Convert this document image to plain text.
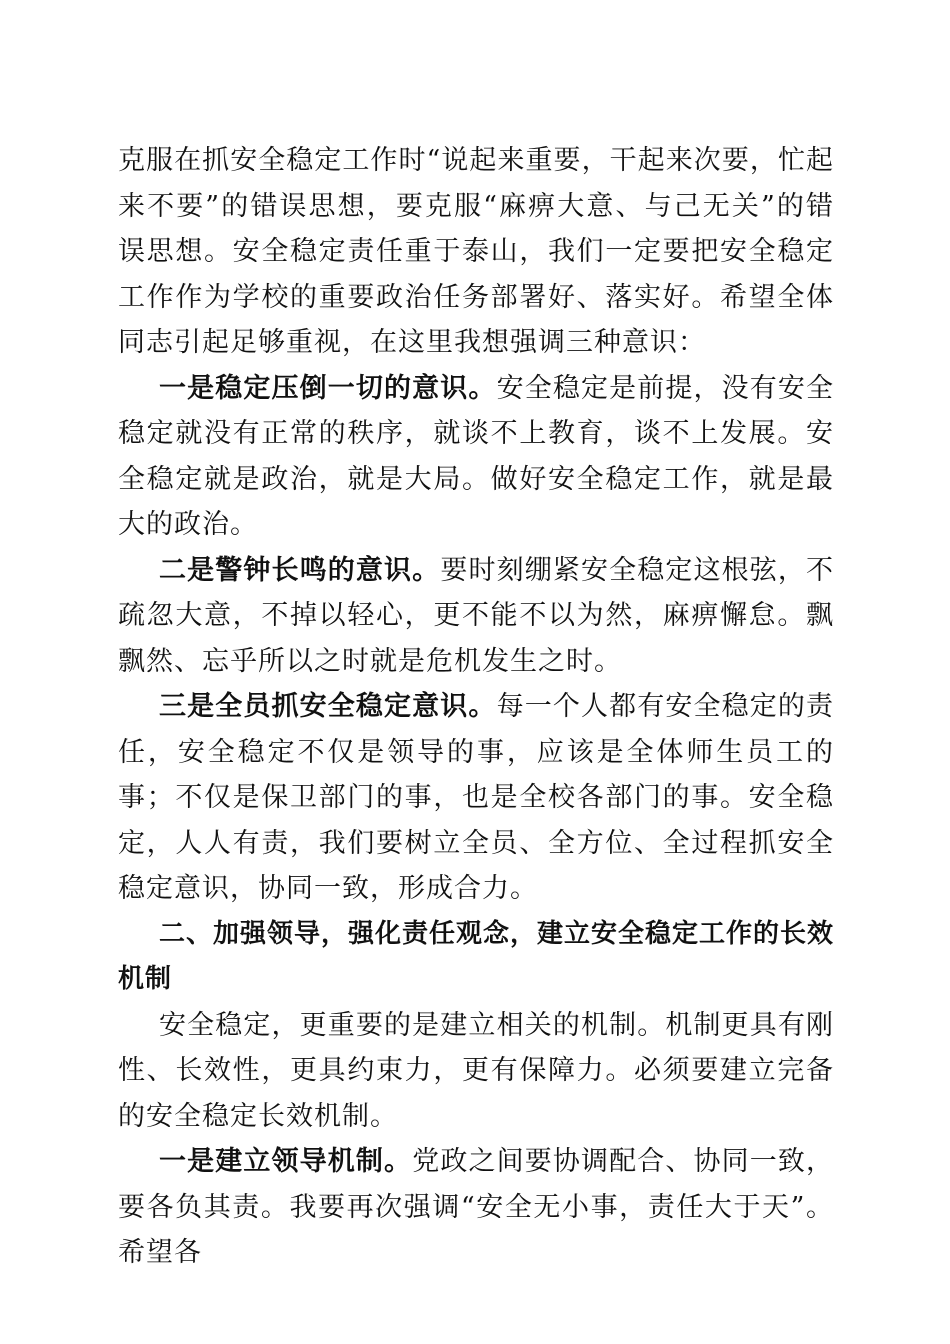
克服在抓安全稳定工作时“说起来重要，干起来次要，忙起来不要”的错误思想，要克服“麻痹大意、与己无关”的错误思想。安全稳定责任重于泰山，我们一定要把安全稳定工作作为学校的重要政治任务部署好、落实好。希望全体同志引起足够重视，在这里我想强调三种意识：

一是稳定压倒一切的意识。安全稳定是前提，没有安全稳定就没有正常的秩序，就谈不上教育，谈不上发展。安全稳定就是政治，就是大局。做好安全稳定工作，就是最大的政治。

二是警钟长鸣的意识。要时刻绷紧安全稳定这根弦，不疏忽大意，不掉以轻心，更不能不以为然，麻痹懈怠。飘飘然、忘乎所以之时就是危机发生之时。

三是全员抓安全稳定意识。每一个人都有安全稳定的责任，安全稳定不仅是领导的事，应该是全体师生员工的事；不仅是保卫部门的事，也是全校各部门的事。安全稳定，人人有责，我们要树立全员、全方位、全过程抓安全稳定意识，协同一致，形成合力。

二、加强领导，强化责任观念，建立安全稳定工作的长效机制

安全稳定，更重要的是建立相关的机制。机制更具有刚性、长效性，更具约束力，更有保障力。必须要建立完备的安全稳定长效机制。

一是建立领导机制。党政之间要协调配合、协同一致，要各负其责。我要再次强调“安全无小事，责任大于天”。希望各
